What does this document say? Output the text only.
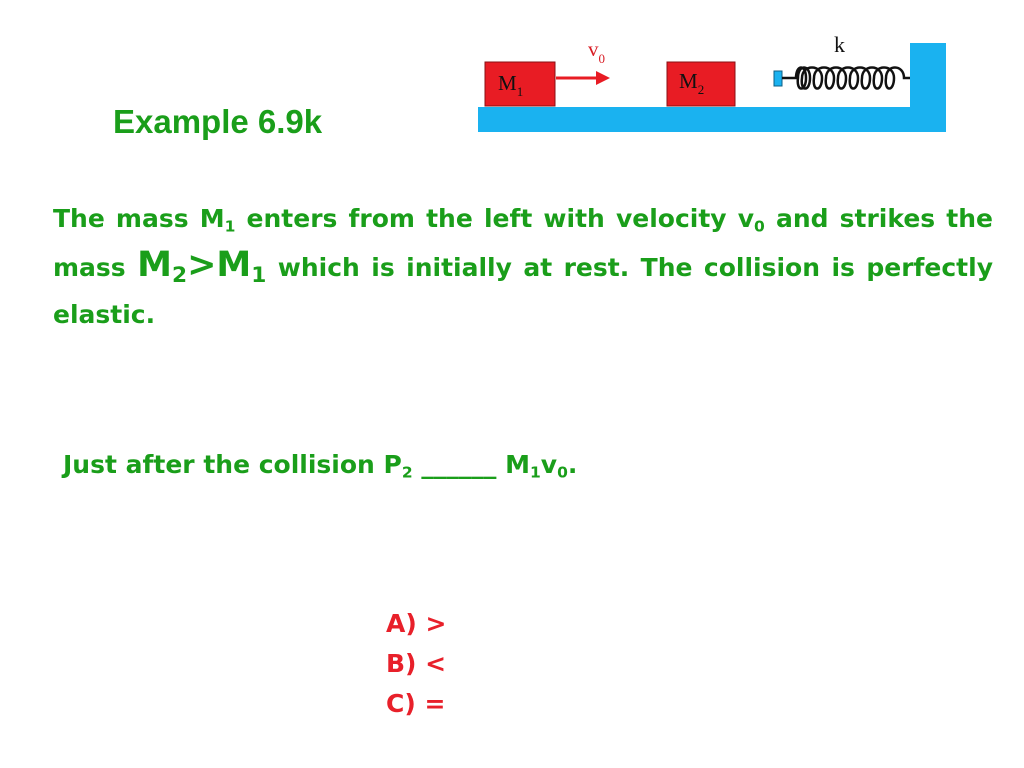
Example 6.9k
$M_1$
$v_0$
$M_2$
k
The mass $M_1$ enters from the left with velocity $v_0$ and strikes the mass $M_2>M_1$ which is initially at rest. The collision is perfectly elastic.
Just after the collision $P_2$ ______ $M_1v_0$.
A) >
B) <
C) =
